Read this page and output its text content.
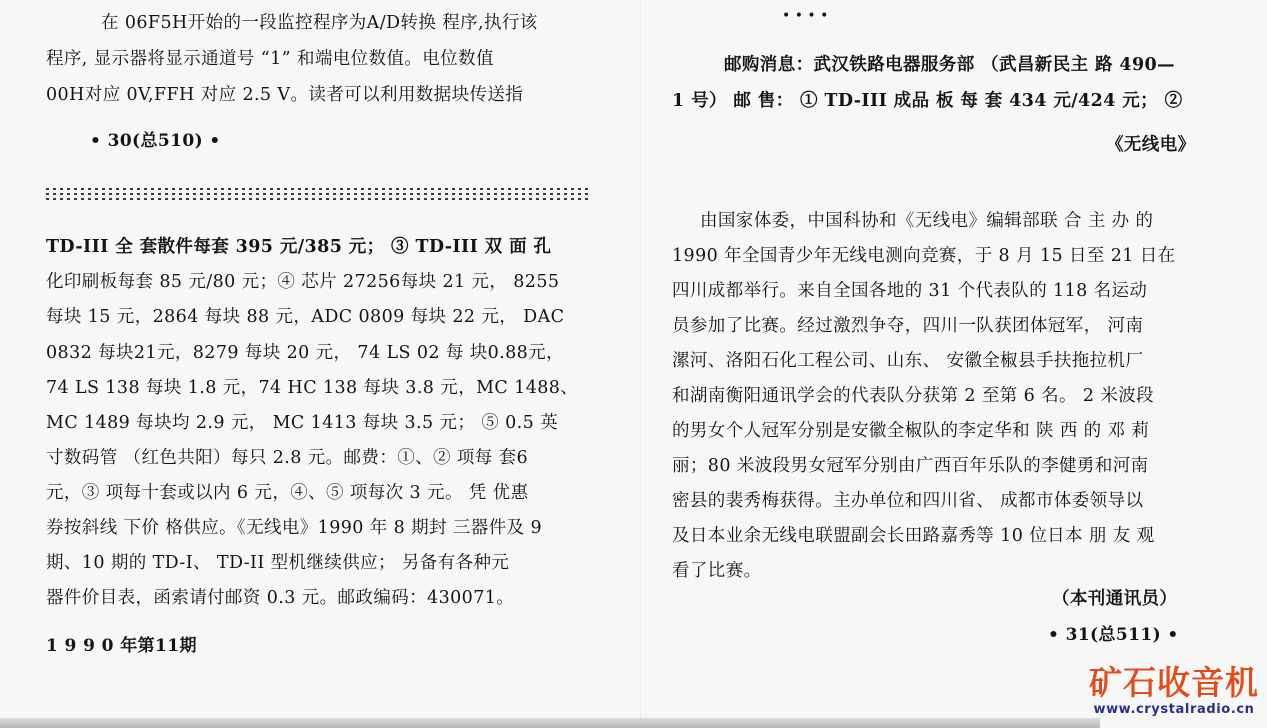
在 06F5H开始的一段监控程序为A/D转换 程序,执行该
程序, 显示器将显示通道号 “1” 和端电位数值。电位数值
00H对应 0V,FFH 对应 2.5 V。读者可以利用数据块传送指
• 30(总510) •
TD-III 全 套散件每套 395 元/385 元； ③ TD-III 双 面 孔
化印刷板每套 85 元/80 元；④ 芯片 27256每块 21 元， 8255
每块 15 元，2864 每块 88 元，ADC 0809 每块 22 元， DAC
0832 每块21元，8279 每块 20 元， 74 LS 02 每 块0.88元，
74 LS 138 每块 1.8 元，74 HC 138 每块 3.8 元，MC 1488、
MC 1489 每块均 2.9 元， MC 1413 每块 3.5 元； ⑤ 0.5 英
寸数码管 （红色共阳）每只 2.8 元。邮费：①、② 项每 套6
元，③ 项每十套或以内 6 元，④、⑤ 项每次 3 元。 凭 优惠
券按斜线 下价 格供应。《无线电》1990 年 8 期封 三器件及 9
期、10 期的 TD-I、 TD-II 型机继续供应； 另备有各种元
器件价目表，函索请付邮资 0.3 元。邮政编码：430071。
1 9 9 0 年第11期
• • • •
邮购消息：武汉铁路电器服务部 （武昌新民主 路 490—
1 号） 邮 售： ① TD-III 成品 板 每 套 434 元/424 元； ②
《无线电》
由国家体委，中国科协和《无线电》编辑部联 合 主 办 的
1990 年全国青少年无线电测向竞赛，于 8 月 15 日至 21 日在
四川成都举行。来自全国各地的 31 个代表队的 118 名运动
员参加了比赛。经过激烈争夺，四川一队获团体冠军， 河南
漯河、洛阳石化工程公司、山东、 安徽全椒县手扶拖拉机厂
和湖南衡阳通讯学会的代表队分获第 2 至第 6 名。 2 米波段
的男女个人冠军分别是安徽全椒队的李定华和 陕 西 的 邓 莉
丽；80 米波段男女冠军分别由广西百年乐队的李健勇和河南
密县的裴秀梅获得。主办单位和四川省、 成都市体委领导以
及日本业余无线电联盟副会长田路嘉秀等 10 位日本 朋 友 观
看了比赛。
（本刊通讯员）
• 31(总511) •
矿石收音机
www.crystalradio.cn
